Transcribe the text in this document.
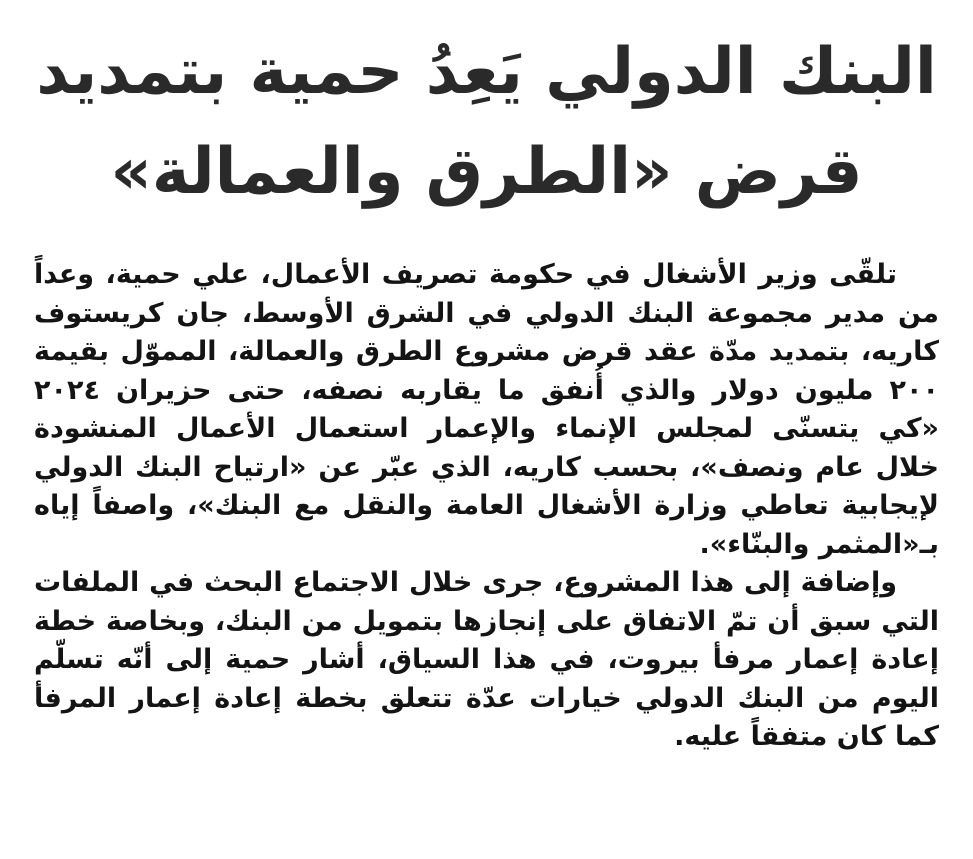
البنك الدولي يَعِدُ حمية بتمديد
قرض «الطرق والعمالة»

تلقّى وزير الأشغال في حكومة تصريف الأعمال، علي حمية، وعداً من مدير مجموعة البنك الدولي في الشرق الأوسط، جان كريستوف كاريه، بتمديد مدّة عقد قرض مشروع الطرق والعمالة، المموّل بقيمة ٢٠٠ مليون دولار والذي أُنفق ما يقاربه نصفه، حتى حزيران ٢٠٢٤ «كي يتسنّى لمجلس الإنماء والإعمار استعمال الأعمال المنشودة خلال عام ونصف»، بحسب كاريه، الذي عبّر عن «ارتياح البنك الدولي لإيجابية تعاطي وزارة الأشغال العامة والنقل مع البنك»، واصفاً إياه بـ«المثمر والبنّاء».

وإضافة إلى هذا المشروع، جرى خلال الاجتماع البحث في الملفات التي سبق أن تمّ الاتفاق على إنجازها بتمويل من البنك، وبخاصة خطة إعادة إعمار مرفأ بيروت، في هذا السياق، أشار حمية إلى أنّه تسلّم اليوم من البنك الدولي خيارات عدّة تتعلق بخطة إعادة إعمار المرفأ كما كان متفقاً عليه.
